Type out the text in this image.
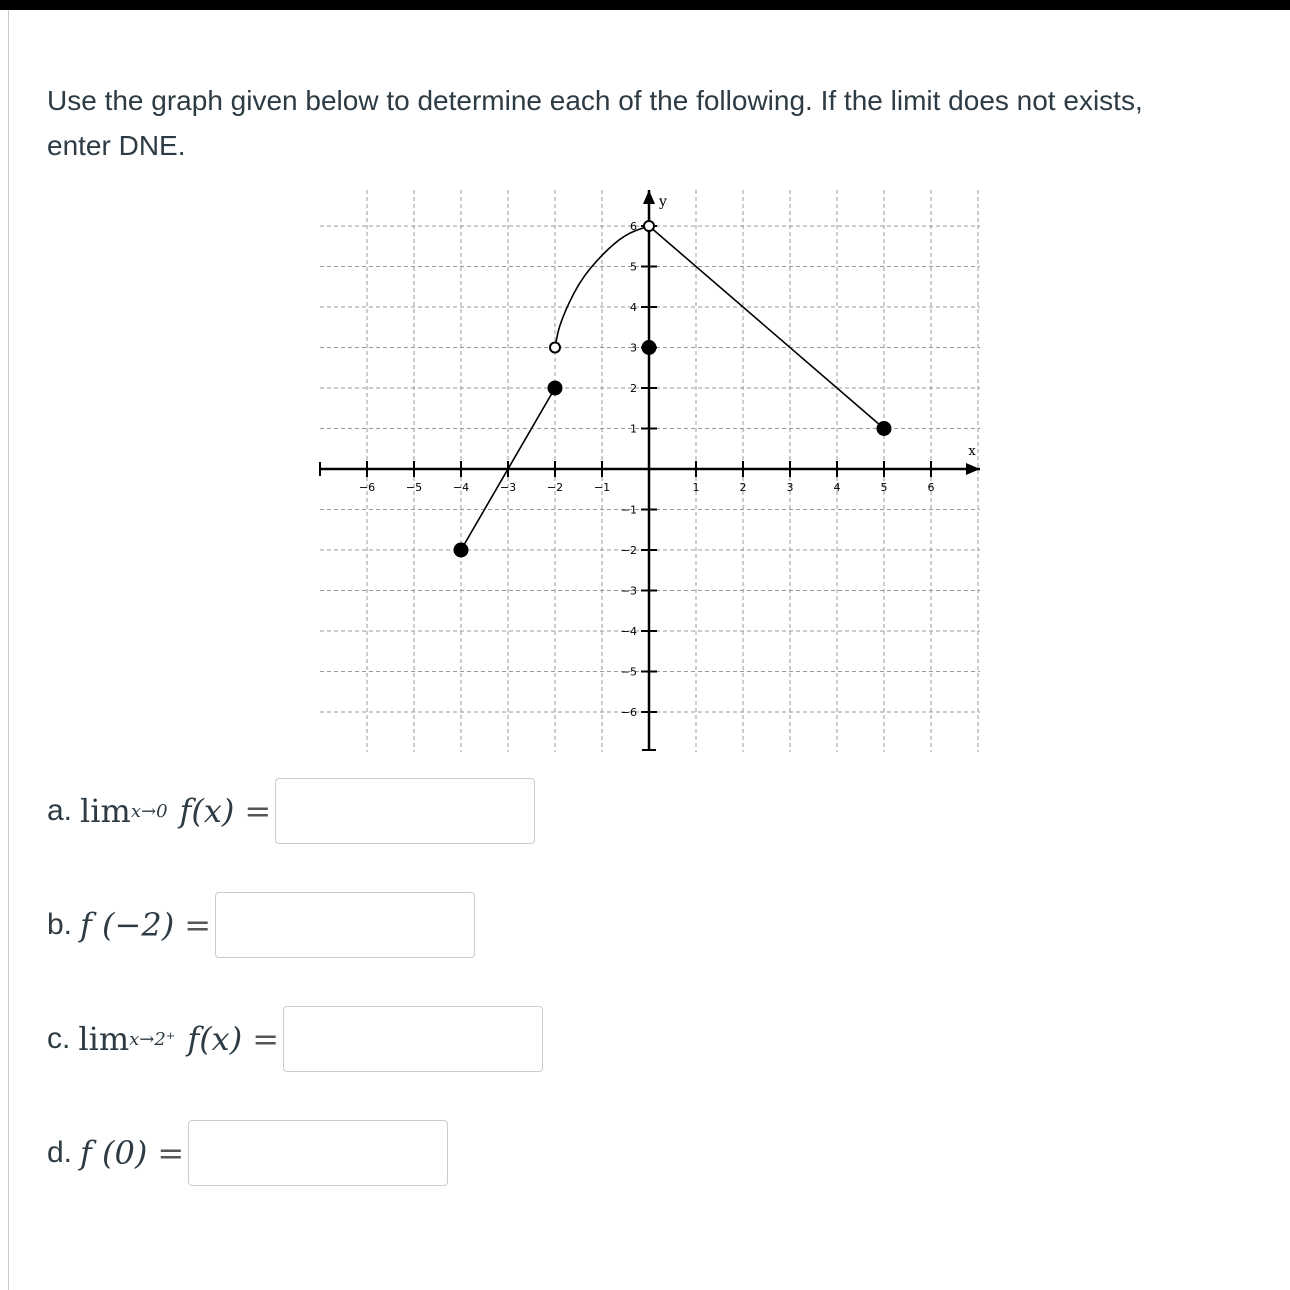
Use the graph given below to determine each of the following. If the limit does not exists,
enter DNE.
−6	−5	−4	−3	−2	−1	1	2	3	4	5	6
−6
−5
−4
−3
−2
−1
1
2
3
4
5
6
x
y
a. lim x→0 f(x) =
b. f (−2) =
c. lim x→2⁺ f(x) =
d. f (0) =
